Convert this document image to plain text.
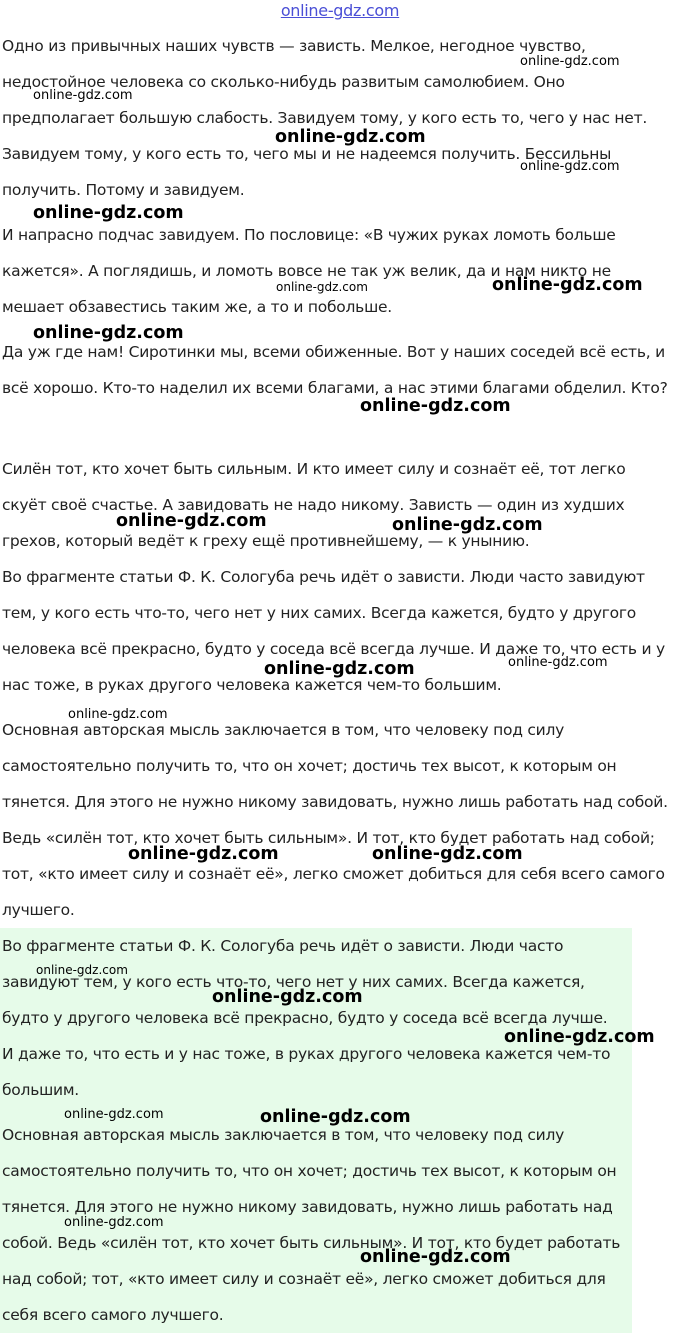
online-gdz.com

Одно из привычных наших чувств — зависть. Мелкое, негодное чувство, недостойное человека со сколько-нибудь развитым самолюбием. Оно предполагает большую слабость. Завидуем тому, у кого есть то, чего у нас нет. Завидуем тому, у кого есть то, чего мы и не надеемся получить. Бессильны получить. Потому и завидуем.

И напрасно подчас завидуем. По пословице: «В чужих руках ломоть больше кажется». А поглядишь, и ломоть вовсе не так уж велик, да и нам никто не мешает обзавестись таким же, а то и побольше.

Да уж где нам! Сиротинки мы, всеми обиженные. Вот у наших соседей всё есть, и всё хорошо. Кто-то наделил их всеми благами, а нас этими благами обделил. Кто?

Силён тот, кто хочет быть сильным. И кто имеет силу и сознаёт её, тот легко скуёт своё счастье. А завидовать не надо никому. Зависть — один из худших грехов, который ведёт к греху ещё противнейшему, — к унынию.

Во фрагменте статьи Ф. К. Сологуба речь идёт о зависти. Люди часто завидуют тем, у кого есть что-то, чего нет у них самих. Всегда кажется, будто у другого человека всё прекрасно, будто у соседа всё всегда лучше. И даже то, что есть и у нас тоже, в руках другого человека кажется чем-то большим.

Основная авторская мысль заключается в том, что человеку под силу самостоятельно получить то, что он хочет; достичь тех высот, к которым он тянется. Для этого не нужно никому завидовать, нужно лишь работать над собой. Ведь «силён тот, кто хочет быть сильным». И тот, кто будет работать над собой; тот, «кто имеет силу и сознаёт её», легко сможет добиться для себя всего самого лучшего.

Во фрагменте статьи Ф. К. Сологуба речь идёт о зависти. Люди часто завидуют тем, у кого есть что-то, чего нет у них самих. Всегда кажется, будто у другого человека всё прекрасно, будто у соседа всё всегда лучше. И даже то, что есть и у нас тоже, в руках другого человека кажется чем-то большим.

Основная авторская мысль заключается в том, что человеку под силу самостоятельно получить то, что он хочет; достичь тех высот, к которым он тянется. Для этого не нужно никому завидовать, нужно лишь работать над собой. Ведь «силён тот, кто хочет быть сильным». И тот, кто будет работать над собой; тот, «кто имеет силу и сознаёт её», легко сможет добиться для себя всего самого лучшего.

online-gdz.com
online-gdz.com
online-gdz.com
online-gdz.com
online-gdz.com
online-gdz.com	online-gdz.com
online-gdz.com
online-gdz.com
online-gdz.com	online-gdz.com
online-gdz.com	online-gdz.com
online-gdz.com
online-gdz.com	online-gdz.com
online-gdz.com
online-gdz.com
online-gdz.com
online-gdz.com	online-gdz.com
online-gdz.com
online-gdz.com
